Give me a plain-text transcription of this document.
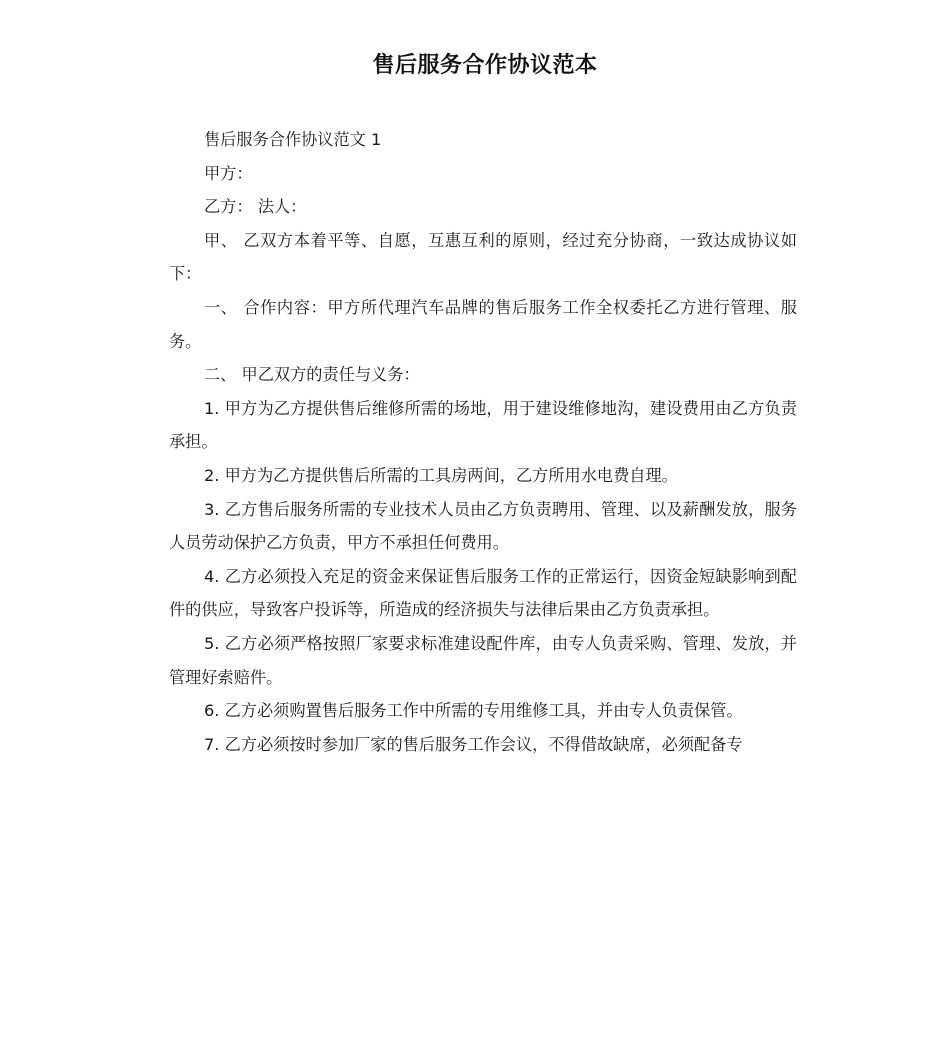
售后服务合作协议范本

售后服务合作协议范文 1

甲方：

乙方： 法人：

甲、 乙双方本着平等、自愿，互惠互利的原则，经过充分协商，一致达成协议如下：

一、 合作内容：甲方所代理汽车品牌的售后服务工作全权委托乙方进行管理、服务。

二、 甲乙双方的责任与义务：

1. 甲方为乙方提供售后维修所需的场地，用于建设维修地沟，建设费用由乙方负责承担。

2. 甲方为乙方提供售后所需的工具房两间，乙方所用水电费自理。

3. 乙方售后服务所需的专业技术人员由乙方负责聘用、管理、以及薪酬发放，服务人员劳动保护乙方负责，甲方不承担任何费用。

4. 乙方必须投入充足的资金来保证售后服务工作的正常运行，因资金短缺影响到配件的供应，导致客户投诉等，所造成的经济损失与法律后果由乙方负责承担。

5. 乙方必须严格按照厂家要求标准建设配件库，由专人负责采购、管理、发放，并管理好索赔件。

6. 乙方必须购置售后服务工作中所需的专用维修工具，并由专人负责保管。

7. 乙方必须按时参加厂家的售后服务工作会议，不得借故缺席，必须配备专
